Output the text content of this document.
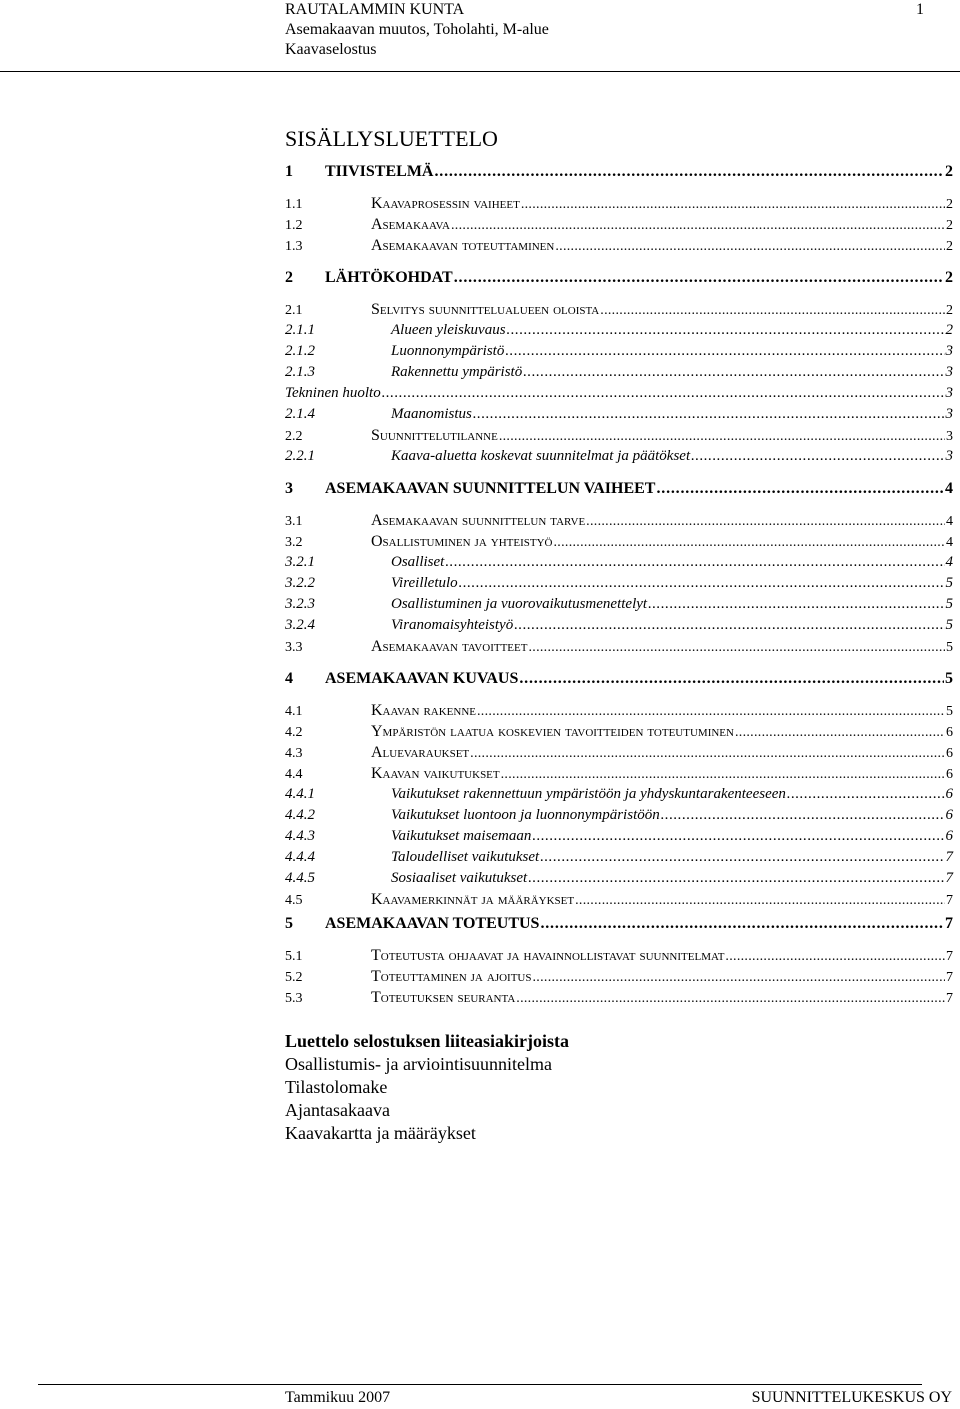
RAUTALAMMIN KUNTA
Asemakaavan muutos, Toholahti, M-alue
Kaavaselostus
1
SISÄLLYSLUETTELO
1	TIIVISTELMÄ . . .	2
1.1	Kaavaprosessin vaiheet . . .	2
1.2	Asemakaava . . .	2
1.3	Asemakaavan toteuttaminen . . .	2
2	LÄHTÖKOHDAT . . .	2
2.1	Selvitys suunnittelualueen oloista . . .	2
2.1.1	Alueen yleiskuvaus . . .	2
2.1.2	Luonnonympäristö . . .	3
2.1.3	Rakennettu ympäristö . . .	3
Tekninen huolto . . .	3
2.1.4	Maanomistus . . .	3
2.2	Suunnittelutilanne . . .	3
2.2.1	Kaava-aluetta koskevat suunnitelmat ja päätökset . . .	3
3	ASEMAKAAVAN SUUNNITTELUN VAIHEET . . .	4
3.1	Asemakaavan suunnittelun tarve . . .	4
3.2	Osallistuminen ja yhteistyö . . .	4
3.2.1	Osalliset . . .	4
3.2.2	Vireilletulo . . .	5
3.2.3	Osallistuminen ja vuorovaikutusmenettelyt . . .	5
3.2.4	Viranomaisyhteistyö . . .	5
3.3	Asemakaavan tavoitteet . . .	5
4	ASEMAKAAVAN KUVAUS . . .	5
4.1	Kaavan rakenne . . .	5
4.2	Ympäristön laatua koskevien tavoitteiden toteutuminen . . .	6
4.3	Aluevaraukset . . .	6
4.4	Kaavan vaikutukset . . .	6
4.4.1	Vaikutukset rakennettuun ympäristöön ja yhdyskuntarakenteeseen . . .	6
4.4.2	Vaikutukset luontoon ja luonnonympäristöön . . .	6
4.4.3	Vaikutukset maisemaan . . .	6
4.4.4	Taloudelliset vaikutukset . . .	7
4.4.5	Sosiaaliset vaikutukset . . .	7
4.5	Kaavamerkinnät ja määräykset . . .	7
5	ASEMAKAAVAN TOTEUTUS . . .	7
5.1	Toteutusta ohjaavat ja havainnollistavat suunnitelmat . . .	7
5.2	Toteuttaminen ja ajoitus . . .	7
5.3	Toteutuksen seuranta . . .	7
Luettelo selostuksen liiteasiakirjoista
Osallistumis- ja arviointisuunnitelma
Tilastolomake
Ajantasakaava
Kaavakartta ja määräykset
Tammikuu 2007	SUUNNITTELUKESKUS OY
